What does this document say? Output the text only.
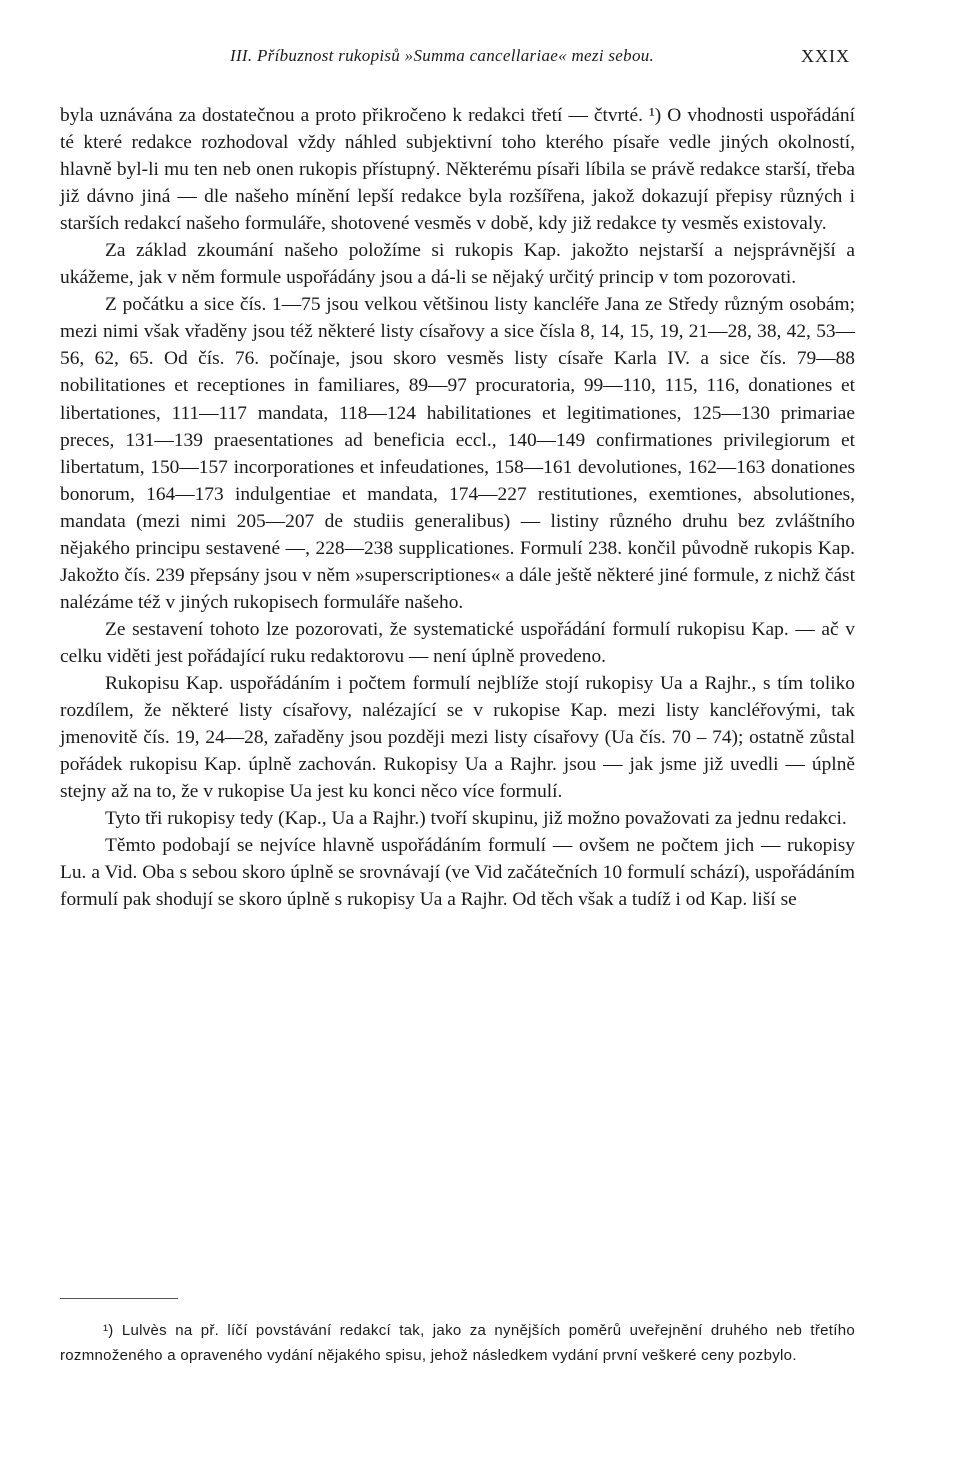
III. Příbuznost rukopisů »Summa cancellariae« mezi sebou.	XXIX

byla uznávána za dostatečnou a proto přikročeno k redakci třetí — čtvrté. ¹) O vhodnosti uspořádání té které redakce rozhodoval vždy náhled subjektivní toho kterého písaře vedle jiných okolností, hlavně byl-li mu ten neb onen rukopis přístupný. Některému písaři líbila se právě redakce starší, třeba již dávno jiná — dle našeho mínění lepší redakce byla rozšířena, jakož dokazují přepisy různých i starších redakcí našeho formuláře, shotovené vesměs v době, kdy již redakce ty vesměs existovaly.

Za základ zkoumání našeho položíme si rukopis Kap. jakožto nejstarší a nejsprávnější a ukážeme, jak v něm formule uspořádány jsou a dá-li se nějaký určitý princip v tom pozorovati.

Z počátku a sice čís. 1—75 jsou velkou většinou listy kancléře Jana ze Středy různým osobám; mezi nimi však vřaděny jsou též některé listy císařovy a sice čísla 8, 14, 15, 19, 21—28, 38, 42, 53—56, 62, 65. Od čís. 76. počínaje, jsou skoro vesměs listy císaře Karla IV. a sice čís. 79—88 nobilitationes et receptiones in familiares, 89—97 procuratoria, 99—110, 115, 116, donationes et libertationes, 111—117 mandata, 118—124 habilitationes et legitimationes, 125—130 primariae preces, 131—139 praesentationes ad beneficia eccl., 140—149 confirmationes privilegiorum et libertatum, 150—157 incorporationes et infeudationes, 158—161 devolutiones, 162—163 donationes bonorum, 164—173 indulgentiae et mandata, 174—227 restitutiones, exemtiones, absolutiones, mandata (mezi nimi 205—207 de studiis generalibus) — listiny různého druhu bez zvláštního nějakého principu sestavené —, 228—238 supplicationes. Formulí 238. končil původně rukopis Kap. Jakožto čís. 239 přepsány jsou v něm »superscriptiones« a dále ještě některé jiné formule, z nichž část nalézáme též v jiných rukopisech formuláře našeho.

Ze sestavení tohoto lze pozorovati, že systematické uspořádání formulí rukopisu Kap. — ač v celku viděti jest pořádající ruku redaktorovu — není úplně provedeno.

Rukopisu Kap. uspořádáním i počtem formulí nejblíže stojí rukopisy Ua a Rajhr., s tím toliko rozdílem, že některé listy císařovy, nalézající se v rukopise Kap. mezi listy kancléřovými, tak jmenovitě čís. 19, 24—28, zařaděny jsou později mezi listy císařovy (Ua čís. 70 – 74); ostatně zůstal pořádek rukopisu Kap. úplně zachován. Rukopisy Ua a Rajhr. jsou — jak jsme již uvedli — úplně stejny až na to, že v rukopise Ua jest ku konci něco více formulí.

Tyto tři rukopisy tedy (Kap., Ua a Rajhr.) tvoří skupinu, již možno považovati za jednu redakci.

Těmto podobají se nejvíce hlavně uspořádáním formulí — ovšem ne počtem jich — rukopisy Lu. a Vid. Oba s sebou skoro úplně se srovnávají (ve Vid začátečních 10 formulí schází), uspořádáním formulí pak shodují se skoro úplně s rukopisy Ua a Rajhr. Od těch však a tudíž i od Kap. liší se

¹) Lulvès na př. líčí povstávání redakcí tak, jako za nynějších poměrů uveřejnění druhého neb třetího rozmnoženého a opraveného vydání nějakého spisu, jehož následkem vydání první veškeré ceny pozbylo.
